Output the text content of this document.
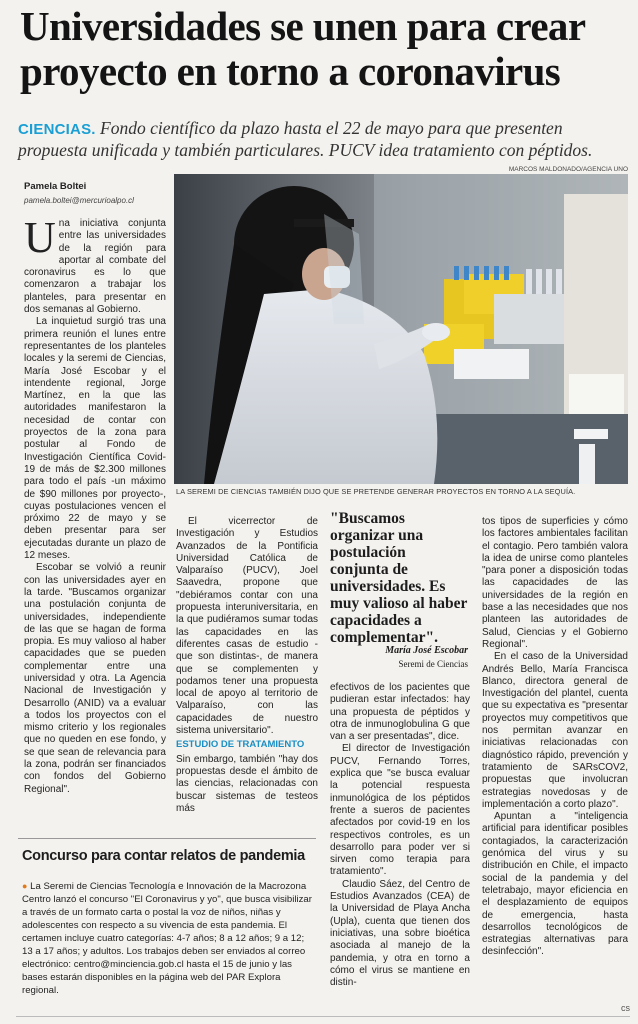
Universidades se unen para crear proyecto en torno a coronavirus
CIENCIAS. Fondo científico da plazo hasta el 22 de mayo para que presenten propuesta unificada y también particulares. PUCV idea tratamiento con péptidos.
MARCOS MALDONADO/AGENCIA UNO
Pamela Boltei
pamela.boltei@mercurioalpo.cl
LA SEREMI DE CIENCIAS TAMBIÉN DIJO QUE SE PRETENDE GENERAR PROYECTOS EN TORNO A LA SEQUÍA.

Una iniciativa conjunta entre las universidades de la región para aportar al combate del coronavirus es lo que comenzaron a trabajar los planteles, para presentar en dos semanas al Gobierno.

La inquietud surgió tras una primera reunión el lunes entre representantes de los planteles locales y la seremi de Ciencias, María José Escobar y el intendente regional, Jorge Martínez, en la que las autoridades manifestaron la necesidad de contar con proyectos de la zona para postular al Fondo de Investigación Científica Covid-19 de más de $2.300 millones para todo el país -un máximo de $90 millones por proyecto-, cuyas postulaciones vencen el próximo 22 de mayo y se deben presentar para ser ejecutadas durante un plazo de 12 meses.

Escobar se volvió a reunir con las universidades ayer en la tarde. "Buscamos organizar una postulación conjunta de universidades, independiente de las que se hagan de forma propia. Es muy valioso al haber capacidades que se pueden complementar entre una universidad y otra. La Agencia Nacional de Investigación y Desarrollo (ANID) va a evaluar a todos los proyectos con el mismo criterio y los regionales que no queden en ese fondo, y se que sean de relevancia para la zona, podrán ser financiados con fondos del Gobierno Regional".

El vicerrector de Investigación y Estudios Avanzados de la Pontificia Universidad Católica de Valparaíso (PUCV), Joel Saavedra, propone que "debiéramos contar con una propuesta interuniversitaria, en la que pudiéramos sumar todas las capacidades en las diferentes casas de estudio -que son distintas-, de manera que se complementen y podamos tener una propuesta local de apoyo al territorio de Valparaíso, con las capacidades de nuestro sistema universitario".

ESTUDIO DE TRATAMIENTO

Sin embargo, también "hay dos propuestas desde el ámbito de las ciencias, relacionadas con buscar sistemas de testeos más

"Buscamos organizar una postulación conjunta de universidades. Es muy valioso al haber capacidades a complementar".
María José Escobar
Seremi de Ciencias

efectivos de los pacientes que pudieran estar infectados: hay una propuesta de péptidos y otra de inmunoglobulina G que van a ser presentadas", dice.

El director de Investigación PUCV, Fernando Torres, explica que "se busca evaluar la potencial respuesta inmunológica de los péptidos frente a sueros de pacientes afectados por covid-19 en los respectivos controles, es un desarrollo para poder ver si sirven como terapia para tratamiento".

Claudio Sáez, del Centro de Estudios Avanzados (CEA) de la Universidad de Playa Ancha (Upla), cuenta que tienen dos iniciativas, una sobre bioética asociada al manejo de la pandemia, y otra en torno a cómo el virus se mantiene en distin-

tos tipos de superficies y cómo los factores ambientales facilitan el contagio. Pero también valora la idea de unirse como planteles "para poner a disposición todas las capacidades de las universidades de la región en base a las necesidades que nos planteen las autoridades de Salud, Ciencias y el Gobierno Regional".

En el caso de la Universidad Andrés Bello, María Francisca Blanco, directora general de Investigación del plantel, cuenta que su expectativa es "presentar proyectos muy competitivos que nos permitan avanzar en iniciativas relacionadas con diagnóstico rápido, prevención y tratamiento de SARsCOV2, propuestas que involucran estrategias novedosas y de implementación a corto plazo".

Apuntan a "inteligencia artificial para identificar posibles contagiados, la caracterización genómica del virus y su distribución en Chile, el impacto social de la pandemia y del teletrabajo, mayor eficiencia en el desplazamiento de equipos de emergencia, hasta desarrollos tecnológicos de estrategias alternativas para desinfección".

Concurso para contar relatos de pandemia
● La Seremi de Ciencias Tecnología e Innovación de la Macrozona Centro lanzó el concurso "El Coronavirus y yo", que busca visibilizar a través de un formato carta o postal la voz de niños, niñas y adolescentes con respecto a su vivencia de esta pandemia. El certamen incluye cuatro categorías: 4-7 años; 8 a 12 años; 9 a 12; 13 a 17 años; y adultos. Los trabajos deben ser enviados al correo electrónico: centro@minciencia.gob.cl hasta el 15 de junio y las bases estarán disponibles en la página web del PAR Explora regional.
cs
